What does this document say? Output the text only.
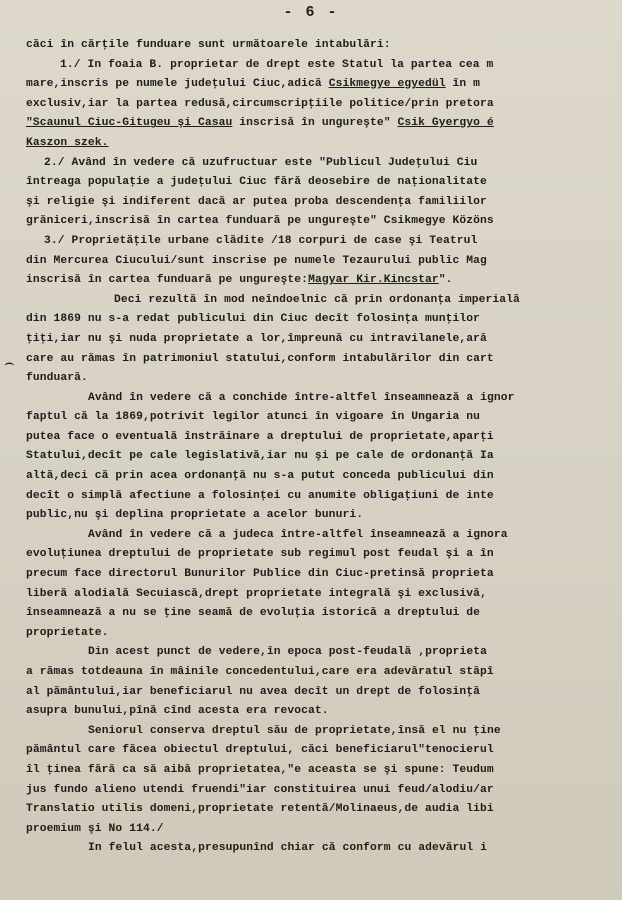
- 6 -
⌢
căci în cărţile funduare sunt următoarele intabulări:
1./ In foaia B. proprietar de drept este Statul la partea cea m
mare,inscris pe numele judeţului Ciuc,adică Csikmegye egyedül în m
exclusiv,iar la partea redusă,circumscripţiile politice/prin pretora
"Scaunul Ciuc-Gitugeu şi Casau inscrisă în ungureşte" Csik Gyergyo é
Kaszon szek.
2./ Având în vedere că uzufructuar este "Publicul Judeţului Ciu
întreaga populaţie a judeţului Ciuc fără deosebire de naţionalitate
şi religie şi indiferent dacă ar putea proba descendenţa familiilor
grăniceri,inscrisă în cartea funduară pe ungureşte" Csikmegye Közöns
3./ Proprietăţile urbane clădite /18 corpuri de case şi Teatrul
din Mercurea Ciucului/sunt inscrise pe numele Tezaurului public Mag
inscrisă în cartea funduară pe ungureşte:Magyar Kir.Kincstar".
Deci rezultă în mod neîndoelnic că prin ordonanţa imperială
din 1869 nu s-a redat publicului din Ciuc decît folosinţa munţilor
ţiţi,iar nu şi nuda proprietate a lor,împreună cu intravilanele,ară
care au rămas în patrimoniul statului,conform intabulărilor din cart
funduară.
Având în vedere că a conchide între-altfel înseamnează a ignor
faptul că la 1869,potrivit legilor atunci în vigoare în Ungaria nu
putea face o eventuală înstrăinare a dreptului de proprietate,aparţi
Statului,decît pe cale legislativă,iar nu şi pe cale de ordonanţă Ia
altă,deci că prin acea ordonanţă nu s-a putut conceda publicului din
decît o simplă afectiune a folosinţei cu anumite obligaţiuni de inte
public,nu şi deplina proprietate a acelor bunuri.
Având în vedere că a judeca între-altfel înseamnează a ignora
evoluţiunea dreptului de proprietate sub regimul post feudal şi a în
precum face directorul Bunurilor Publice din Ciuc-pretinsă proprieta
liberă alodială Secuiască,drept proprietate integrală şi exclusivă,
înseamnează a nu se ţine seamă de evoluţia istorică a dreptului de
proprietate.
Din acest punct de vedere,în epoca post-feudală ,proprieta
a rămas totdeauna în mâinile concedentului,care era adevăratul stăpî
al pământului,iar beneficiarul nu avea decît un drept de folosinţă
asupra bunului,pînă cînd acesta era revocat.
Seniorul conserva dreptul său de proprietate,însă el nu ţine
pământul care făcea obiectul dreptului, căci beneficiarul"tenocierul
îl ţinea fără ca să aibă proprietatea,"e aceasta se şi spune: Teudum
jus fundo alieno utendi fruendi"iar constituirea unui feud/alodiu/ar
Translatio utilis domeni,proprietate retentă/Molinaeus,de audia libi
proemium şi No 114./
In felul acesta,presupunînd chiar că conform cu adevărul i
